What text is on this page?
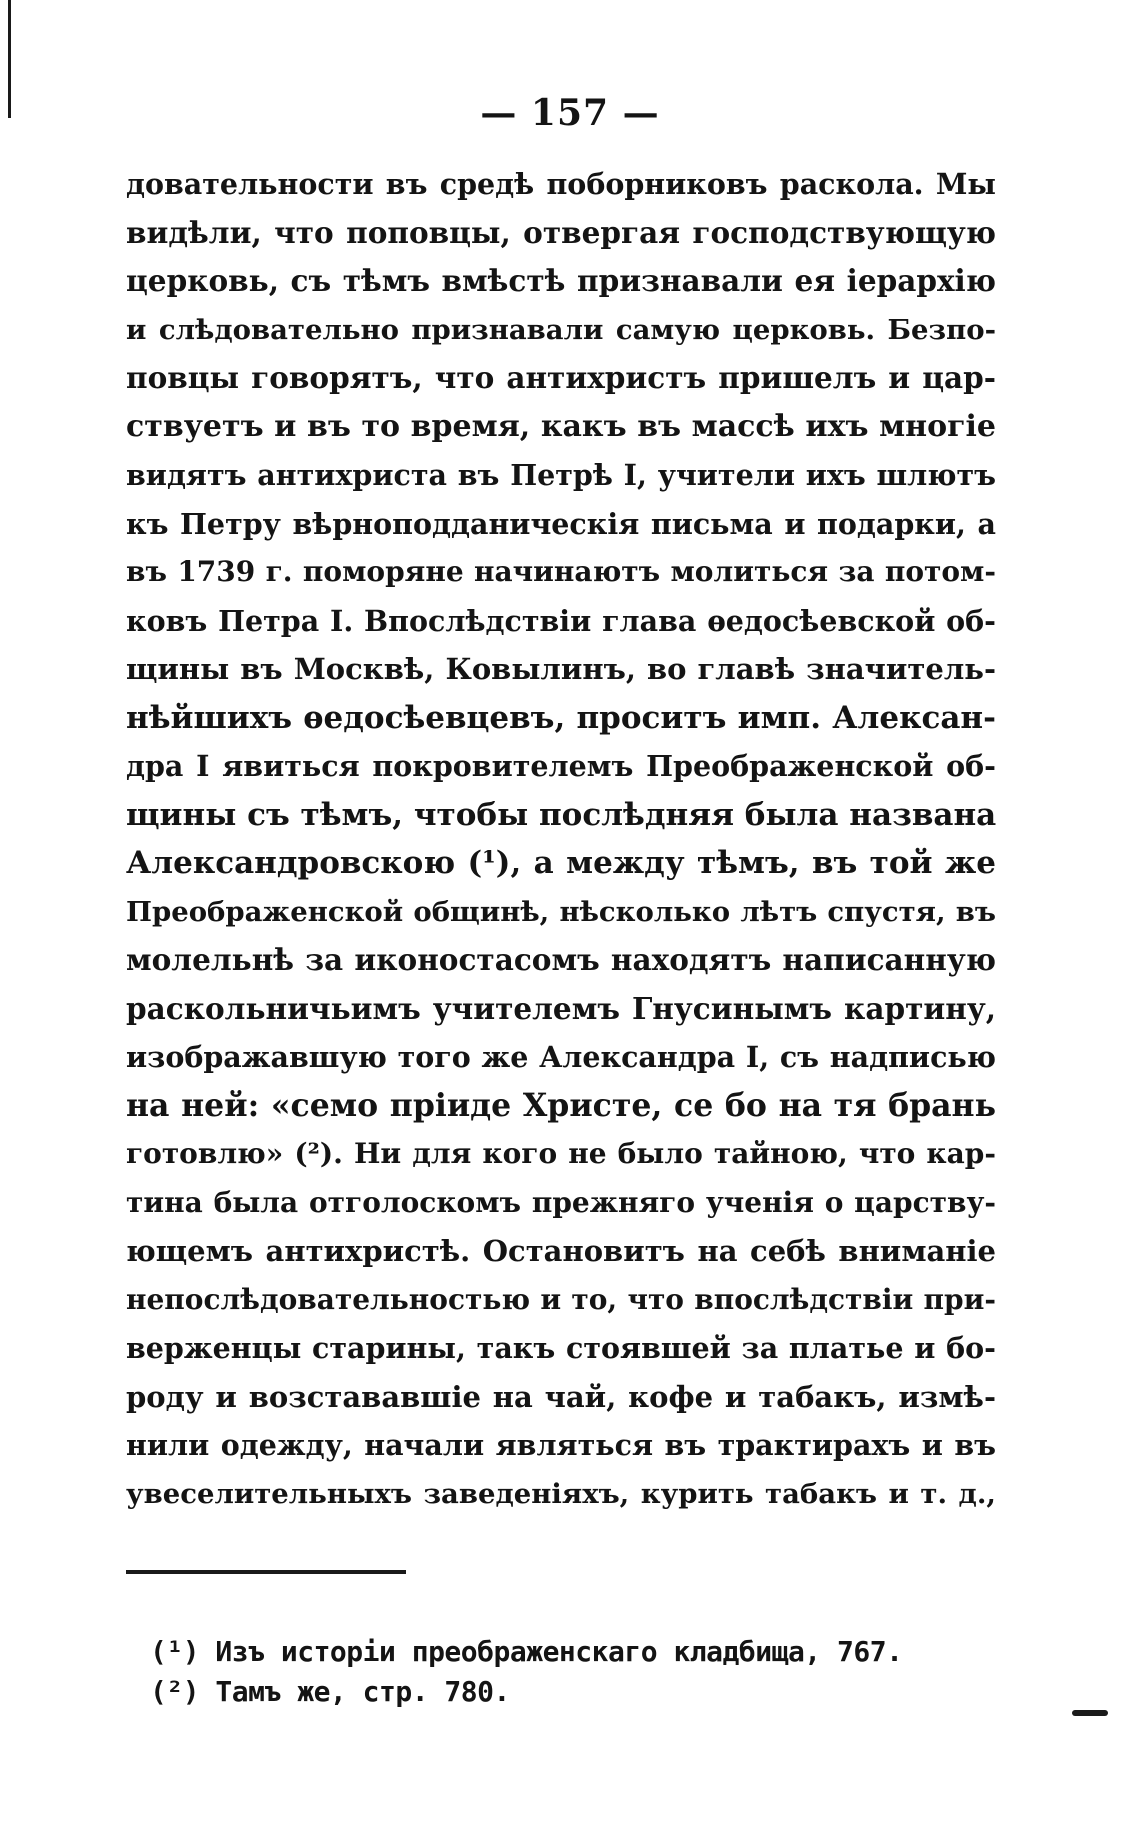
— 157 —
довательности въ средѣ поборниковъ раскола. Мы
видѣли, что поповцы, отвергая господствующую
церковь, съ тѣмъ вмѣстѣ признавали ея іерархію
и слѣдовательно признавали самую церковь. Безпо-
повцы говорятъ, что антихристъ пришелъ и цар-
ствуетъ и въ то время, какъ въ массѣ ихъ многіе
видятъ антихриста въ Петрѣ I, учители ихъ шлютъ
къ Петру вѣрноподданическія письма и подарки, а
въ 1739 г. поморяне начинаютъ молиться за потом-
ковъ Петра I. Впослѣдствіи глава ѳедосѣевской об-
щины въ Москвѣ, Ковылинъ, во главѣ значитель-
нѣйшихъ ѳедосѣевцевъ, проситъ имп. Алексан-
дра I явиться покровителемъ Преображенской об-
щины съ тѣмъ, чтобы послѣдняя была названа
Александровскою (¹), а между тѣмъ, въ той же
Преображенской общинѣ, нѣсколько лѣтъ спустя, въ
молельнѣ за иконостасомъ находятъ написанную
раскольничьимъ учителемъ Гнусинымъ картину,
изображавшую того же Александра I, съ надписью
на ней: «семо пріиде Христе, се бо на тя брань
готовлю» (²). Ни для кого не было тайною, что кар-
тина была отголоскомъ прежняго ученія о царству-
ющемъ антихристѣ. Остановитъ на себѣ вниманіе
непослѣдовательностью и то, что впослѣдствіи при-
верженцы старины, такъ стоявшей за платье и бо-
роду и возстававшіе на чай, кофе и табакъ, измѣ-
нили одежду, начали являться въ трактирахъ и въ
увеселительныхъ заведеніяхъ, курить табакъ и т. д.,
(¹) Изъ исторіи преображенскаго кладбища, 767.
(²) Тамъ же, стр. 780.
